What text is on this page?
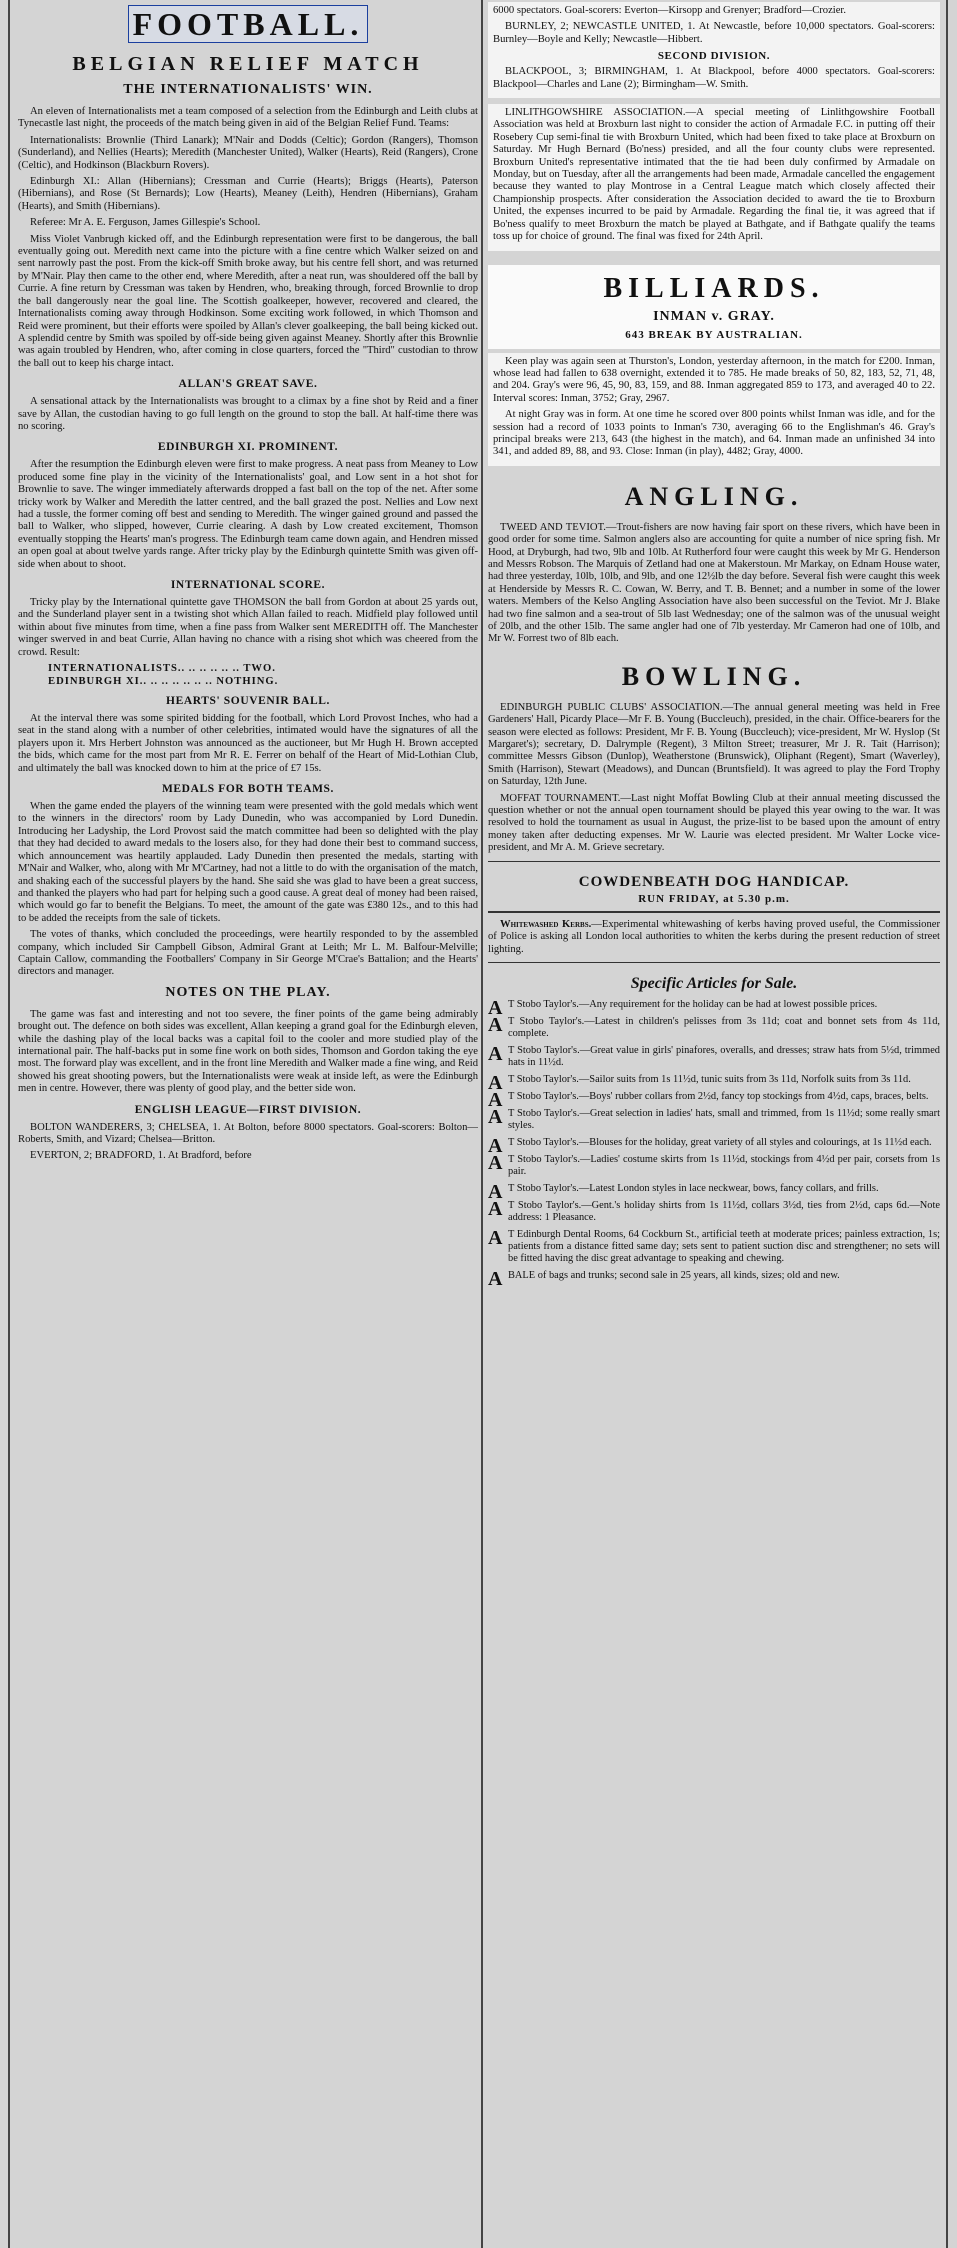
FOOTBALL.
BELGIAN RELIEF MATCH
THE INTERNATIONALISTS' WIN.

An eleven of Internationalists met a team composed of a selection from the Edinburgh and Leith clubs at Tynecastle last night, the proceeds of the match being given in aid of the Belgian Relief Fund. Teams:

Internationalists: Brownlie (Third Lanark); M'Nair and Dodds (Celtic); Gordon (Rangers), Thomson (Sunderland), and Nellies (Hearts); Meredith (Manchester United), Walker (Hearts), Reid (Rangers), Crone (Celtic), and Hodkinson (Blackburn Rovers).

Edinburgh XI.: Allan (Hibernians); Cressman and Currie (Hearts); Briggs (Hearts), Paterson (Hibernians), and Rose (St Bernards); Low (Hearts), Meaney (Leith), Hendren (Hibernians), Graham (Hearts), and Smith (Hibernians).

Referee: Mr A. E. Ferguson, James Gillespie's School.

Miss Violet Vanbrugh kicked off, and the Edinburgh representation were first to be dangerous, the ball eventually going out. Meredith next came into the picture with a fine centre which Walker seized on and sent narrowly past the post. From the kick-off Smith broke away, but his centre fell short, and was returned by M'Nair. Play then came to the other end, where Meredith, after a neat run, was shouldered off the ball by Currie. A fine return by Cressman was taken by Hendren, who, breaking through, forced Brownlie to drop the ball dangerously near the goal line. The Scottish goalkeeper, however, recovered and cleared, the Internationalists coming away through Hodkinson. Some exciting work followed, in which Thomson and Reid were prominent, but their efforts were spoiled by Allan's clever goalkeeping, the ball being kicked out. A splendid centre by Smith was spoiled by off-side being given against Meaney. Shortly after this Brownlie was again troubled by Hendren, who, after coming in close quarters, forced the "Third" custodian to throw the ball out to keep his charge intact.

ALLAN'S GREAT SAVE.

A sensational attack by the Internationalists was brought to a climax by a fine shot by Reid and a finer save by Allan, the custodian having to go full length on the ground to stop the ball. At half-time there was no scoring.

EDINBURGH XI. PROMINENT.

After the resumption the Edinburgh eleven were first to make progress. A neat pass from Meaney to Low produced some fine play in the vicinity of the Internationalists' goal, and Low sent in a hot shot for Brownlie to save. The winger immediately afterwards dropped a fast ball on the top of the net. After some tricky work by Walker and Meredith the latter centred, and the ball grazed the post. Nellies and Low next had a tussle, the former coming off best and sending to Meredith. The winger gained ground and passed the ball to Walker, who slipped, however, Currie clearing. A dash by Low created excitement, Thomson eventually stopping the Hearts' man's progress. The Edinburgh team came down again, and Hendren missed an open goal at about twelve yards range. After tricky play by the Edinburgh quintette Smith was given off-side when about to shoot.

INTERNATIONAL SCORE.

Tricky play by the International quintette gave THOMSON the ball from Gordon at about 25 yards out, and the Sunderland player sent in a twisting shot which Allan failed to reach. Midfield play followed until within about five minutes from time, when a fine pass from Walker sent MEREDITH off. The Manchester winger swerved in and beat Currie, Allan having no chance with a rising shot which was cheered from the crowd. Result:

INTERNATIONALISTS.. .. .. .. .. .. TWO.
EDINBURGH XI.. .. .. .. .. .. .. NOTHING.
HEARTS' SOUVENIR BALL.

At the interval there was some spirited bidding for the football, which Lord Provost Inches, who had a seat in the stand along with a number of other celebrities, intimated would have the signatures of all the players upon it. Mrs Herbert Johnston was announced as the auctioneer, but Mr Hugh H. Brown accepted the bids, which came for the most part from Mr R. E. Ferrer on behalf of the Heart of Mid-Lothian Club, and ultimately the ball was knocked down to him at the price of £7 15s.

MEDALS FOR BOTH TEAMS.

When the game ended the players of the winning team were presented with the gold medals which went to the winners in the directors' room by Lady Dunedin, who was accompanied by Lord Dunedin. Introducing her Ladyship, the Lord Provost said the match committee had been so delighted with the play that they had decided to award medals to the losers also, for they had done their best to command success, which announcement was heartily applauded. Lady Dunedin then presented the medals, starting with M'Nair and Walker, who, along with Mr M'Cartney, had not a little to do with the organisation of the match, and shaking each of the successful players by the hand. She said she was glad to have been a great success, and thanked the players who had part for helping such a good cause. A great deal of money had been raised, which would go far to benefit the Belgians. To meet, the amount of the gate was £380 12s., and to this had to be added the receipts from the sale of tickets.

The votes of thanks, which concluded the proceedings, were heartily responded to by the assembled company, which included Sir Campbell Gibson, Admiral Grant at Leith; Mr L. M. Balfour-Melville; Captain Callow, commanding the Footballers' Company in Sir George M'Crae's Battalion; and the Hearts' directors and manager.

NOTES ON THE PLAY.

The game was fast and interesting and not too severe, the finer points of the game being admirably brought out. The defence on both sides was excellent, Allan keeping a grand goal for the Edinburgh eleven, while the dashing play of the local backs was a capital foil to the cooler and more studied play of the international pair. The half-backs put in some fine work on both sides, Thomson and Gordon taking the eye most. The forward play was excellent, and in the front line Meredith and Walker made a fine wing, and Reid showed his great shooting powers, but the Internationalists were weak at inside left, as were the Edinburgh men in centre. However, there was plenty of good play, and the better side won.

ENGLISH LEAGUE—FIRST DIVISION.

BOLTON WANDERERS, 3; CHELSEA, 1. At Bolton, before 8000 spectators. Goal-scorers: Bolton—Roberts, Smith, and Vizard; Chelsea—Britton.

EVERTON, 2; BRADFORD, 1. At Bradford, before

6000 spectators. Goal-scorers: Everton—Kirsopp and Grenyer; Bradford—Crozier.

BURNLEY, 2; NEWCASTLE UNITED, 1. At Newcastle, before 10,000 spectators. Goal-scorers: Burnley—Boyle and Kelly; Newcastle—Hibbert.

SECOND DIVISION.

BLACKPOOL, 3; BIRMINGHAM, 1. At Blackpool, before 4000 spectators. Goal-scorers: Blackpool—Charles and Lane (2); Birmingham—W. Smith.

LINLITHGOWSHIRE ASSOCIATION.—A special meeting of Linlithgowshire Football Association was held at Broxburn last night to consider the action of Armadale F.C. in putting off their Rosebery Cup semi-final tie with Broxburn United, which had been fixed to take place at Broxburn on Saturday. Mr Hugh Bernard (Bo'ness) presided, and all the four county clubs were represented. Broxburn United's representative intimated that the tie had been duly confirmed by Armadale on Monday, but on Tuesday, after all the arrangements had been made, Armadale cancelled the engagement because they wanted to play Montrose in a Central League match which closely affected their Championship prospects. After consideration the Association decided to award the tie to Broxburn United, the expenses incurred to be paid by Armadale. Regarding the final tie, it was agreed that if Bo'ness qualify to meet Broxburn the match be played at Bathgate, and if Bathgate qualify the teams toss up for choice of ground. The final was fixed for 24th April.

BILLIARDS.
INMAN v. GRAY.
643 BREAK BY AUSTRALIAN.

Keen play was again seen at Thurston's, London, yesterday afternoon, in the match for £200. Inman, whose lead had fallen to 638 overnight, extended it to 785. He made breaks of 50, 82, 183, 52, 71, 48, and 204. Gray's were 96, 45, 90, 83, 159, and 88. Inman aggregated 859 to 173, and averaged 40 to 22. Interval scores: Inman, 3752; Gray, 2967.

At night Gray was in form. At one time he scored over 800 points whilst Inman was idle, and for the session had a record of 1033 points to Inman's 730, averaging 66 to the Englishman's 46. Gray's principal breaks were 213, 643 (the highest in the match), and 64. Inman made an unfinished 34 into 341, and added 89, 88, and 93. Close: Inman (in play), 4482; Gray, 4000.

ANGLING.

TWEED AND TEVIOT.—Trout-fishers are now having fair sport on these rivers, which have been in good order for some time. Salmon anglers also are accounting for quite a number of nice spring fish. Mr Hood, at Dryburgh, had two, 9lb and 10lb. At Rutherford four were caught this week by Mr G. Henderson and Messrs Robson. The Marquis of Zetland had one at Makerstoun. Mr Markay, on Ednam House water, had three yesterday, 10lb, 10lb, and 9lb, and one 12½lb the day before. Several fish were caught this week at Henderside by Messrs R. C. Cowan, W. Berry, and T. B. Bennet; and a number in some of the lower waters. Members of the Kelso Angling Association have also been successful on the Teviot. Mr J. Blake had two fine salmon and a sea-trout of 5lb last Wednesday; one of the salmon was of the unusual weight of 20lb, and the other 15lb. The same angler had one of 7lb yesterday. Mr Cameron had one of 10lb, and Mr W. Forrest two of 8lb each.

BOWLING.

EDINBURGH PUBLIC CLUBS' ASSOCIATION.—The annual general meeting was held in Free Gardeners' Hall, Picardy Place—Mr F. B. Young (Buccleuch), presided, in the chair. Office-bearers for the season were elected as follows: President, Mr F. B. Young (Buccleuch); vice-president, Mr W. Hyslop (St Margaret's); secretary, D. Dalrymple (Regent), 3 Milton Street; treasurer, Mr J. R. Tait (Harrison); committee Messrs Gibson (Dunlop), Weatherstone (Brunswick), Oliphant (Regent), Smart (Waverley), Smith (Harrison), Stewart (Meadows), and Duncan (Bruntsfield). It was agreed to play the Ford Trophy on Saturday, 12th June.

MOFFAT TOURNAMENT.—Last night Moffat Bowling Club at their annual meeting discussed the question whether or not the annual open tournament should be played this year owing to the war. It was resolved to hold the tournament as usual in August, the prize-list to be based upon the amount of entry money taken after deducting expenses. Mr W. Laurie was elected president. Mr Walter Locke vice-president, and Mr A. M. Grieve secretary.

COWDENBEATH DOG HANDICAP.
RUN FRIDAY, at 5.30 p.m.

Whitewashed Kerbs.—Experimental whitewashing of kerbs having proved useful, the Commissioner of Police is asking all London local authorities to whiten the kerbs during the present reduction of street lighting.

Specific Articles for Sale.
A T Stobo Taylor's.—Any requirement for the holiday can be had at lowest possible prices.
A T Stobo Taylor's.—Latest in children's pelisses from 3s 11d; coat and bonnet sets from 4s 11d, complete.
A T Stobo Taylor's.—Great value in girls' pinafores, overalls, and dresses; straw hats from 5½d, trimmed hats in 11½d.
A T Stobo Taylor's.—Sailor suits from 1s 11½d, tunic suits from 3s 11d, Norfolk suits from 3s 11d.
A T Stobo Taylor's.—Boys' rubber collars from 2½d, fancy top stockings from 4½d, caps, braces, belts.
A T Stobo Taylor's.—Great selection in ladies' hats, small and trimmed, from 1s 11½d; some really smart styles.
A T Stobo Taylor's.—Blouses for the holiday, great variety of all styles and colourings, at 1s 11½d each.
A T Stobo Taylor's.—Ladies' costume skirts from 1s 11½d, stockings from 4½d per pair, corsets from 1s pair.
A T Stobo Taylor's.—Latest London styles in lace neckwear, bows, fancy collars, and frills.
A T Stobo Taylor's.—Gent.'s holiday shirts from 1s 11½d, collars 3½d, ties from 2½d, caps 6d.—Note address: 1 Pleasance.
A T Edinburgh Dental Rooms, 64 Cockburn St., artificial teeth at moderate prices; painless extraction, 1s; patients from a distance fitted same day; sets sent to patient suction disc and strengthener; no sets will be fitted having the disc great advantage to speaking and chewing.
A BALE of bags and trunks; second sale in 25 years, all kinds, sizes; old and new.
